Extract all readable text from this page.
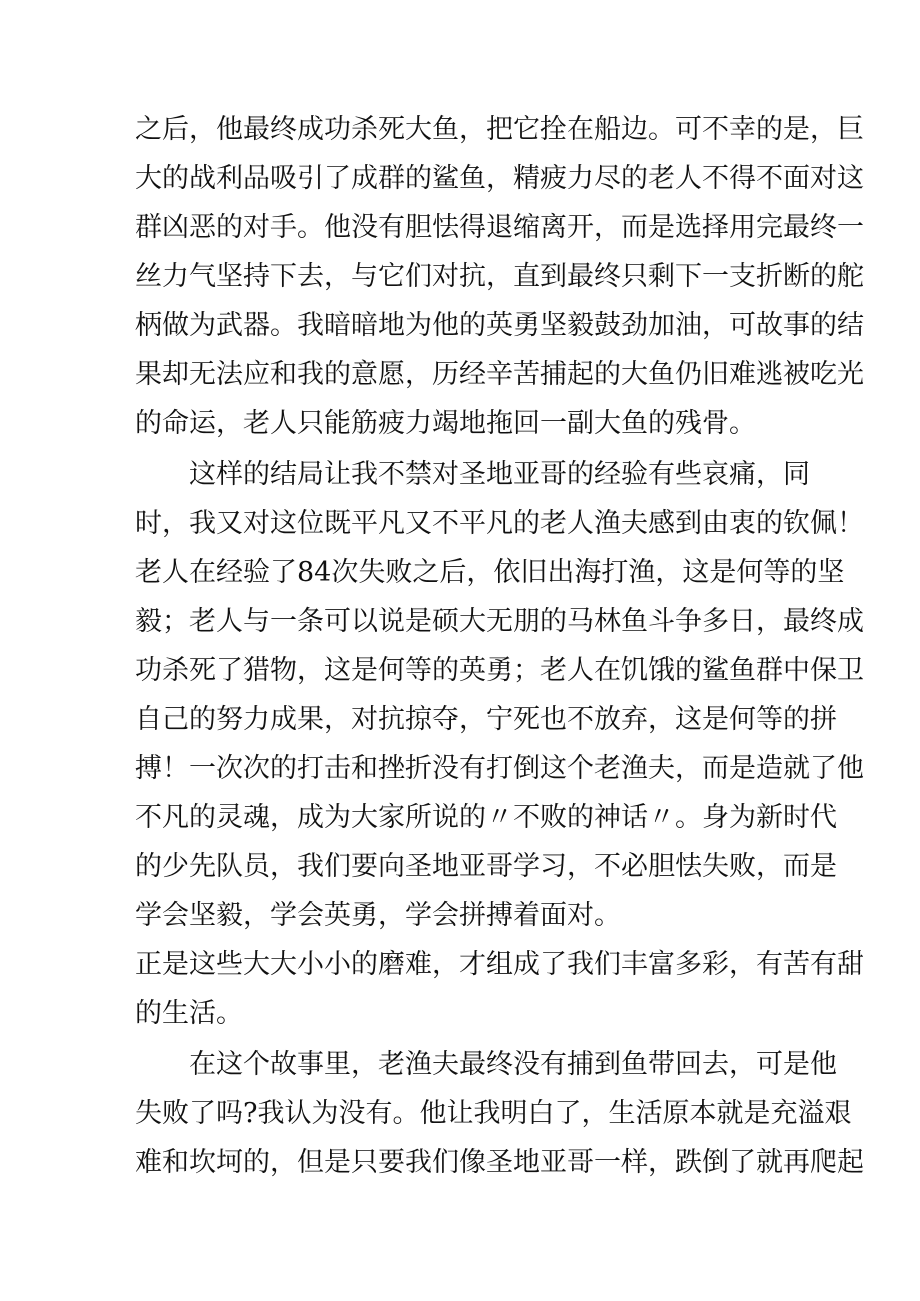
之后，他最终成功杀死大鱼，把它拴在船边。可不幸的是，巨
大的战利品吸引了成群的鲨鱼，精疲力尽的老人不得不面对这
群凶恶的对手。他没有胆怯得退缩离开，而是选择用完最终一
丝力气坚持下去，与它们对抗，直到最终只剩下一支折断的舵
柄做为武器。我暗暗地为他的英勇坚毅鼓劲加油，可故事的结
果却无法应和我的意愿，历经辛苦捕起的大鱼仍旧难逃被吃光
的命运，老人只能筋疲力竭地拖回一副大鱼的残骨。
这样的结局让我不禁对圣地亚哥的经验有些哀痛，同
时，我又对这位既平凡又不平凡的老人渔夫感到由衷的钦佩！
老人在经验了84次失败之后，依旧出海打渔，这是何等的坚
毅；老人与一条可以说是硕大无朋的马林鱼斗争多日，最终成
功杀死了猎物，这是何等的英勇；老人在饥饿的鲨鱼群中保卫
自己的努力成果，对抗掠夺，宁死也不放弃，这是何等的拼
搏！一次次的打击和挫折没有打倒这个老渔夫，而是造就了他
不凡的灵魂，成为大家所说的〃不败的神话〃。身为新时代
的少先队员，我们要向圣地亚哥学习，不必胆怯失败，而是
学会坚毅，学会英勇，学会拼搏着面对。
正是这些大大小小的磨难，才组成了我们丰富多彩，有苦有甜
的生活。
在这个故事里，老渔夫最终没有捕到鱼带回去，可是他
失败了吗?我认为没有。他让我明白了，生活原本就是充溢艰
难和坎坷的，但是只要我们像圣地亚哥一样，跌倒了就再爬起
